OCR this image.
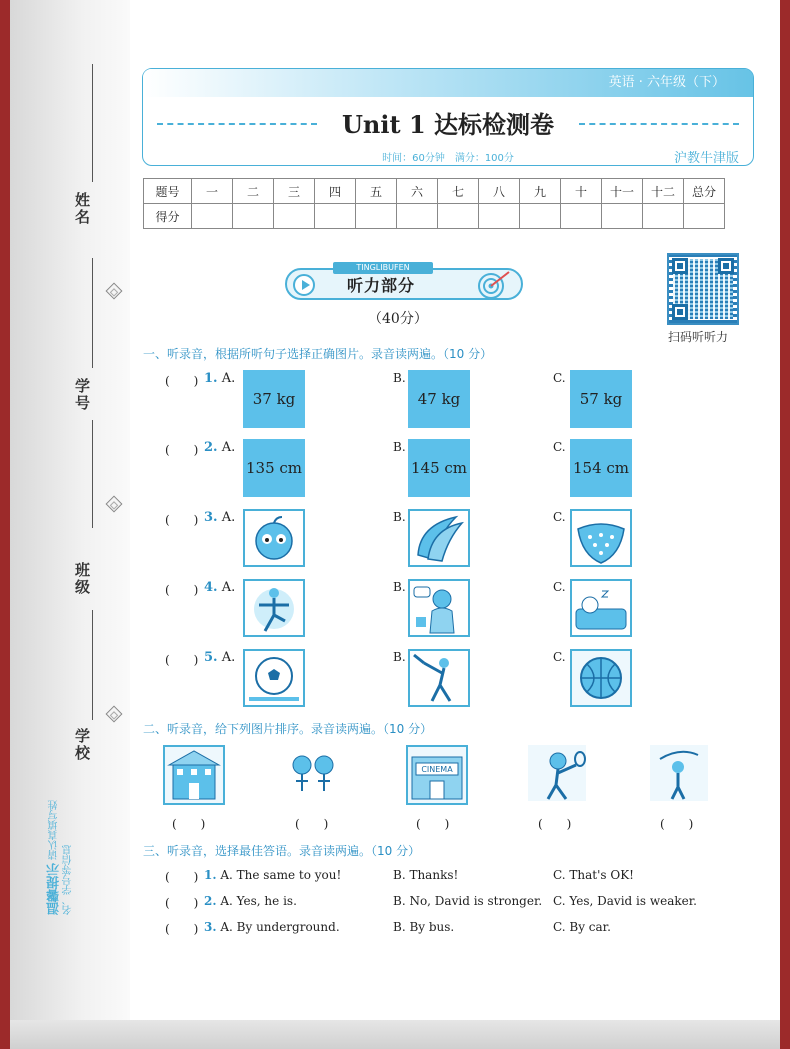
姓名
学号
班级
学校
温馨提示 请认真填写姓名、学号等信息
英语 · 六年级（下）
Unit 1 达标检测卷
时间：60分钟　满分：100分	沪教牛津版
题号	一	二	三	四	五	六	七	八	九	十	十一	十二	总分
得分													
TINGLIBUFEN
听力部分
（40分）
扫码听听力
一、听录音，根据所听句子选择正确图片。录音读两遍。（10 分）
(　　) 1. A.
37 kg
B.
47 kg
C.
57 kg
(　　) 2. A.
135 cm
B.
145 cm
C.
154 cm
(　　) 3. A.	B.	C.
(　　) 4. A.	B.	C.
(　　) 5. A.	B.	C.
二、听录音，给下列图片排序。录音读两遍。（10 分）
CINEMA
(　　)	(　　)	(　　)	(　　)	(　　)
三、听录音，选择最佳答语。录音读两遍。（10 分）
(　　) 1. A. The same to you!	B. Thanks!	C. That's OK!
(　　) 2. A. Yes, he is.	B. No, David is stronger. C. Yes, David is weaker.
(　　) 3. A. By underground.	B. By bus.	C. By car.
